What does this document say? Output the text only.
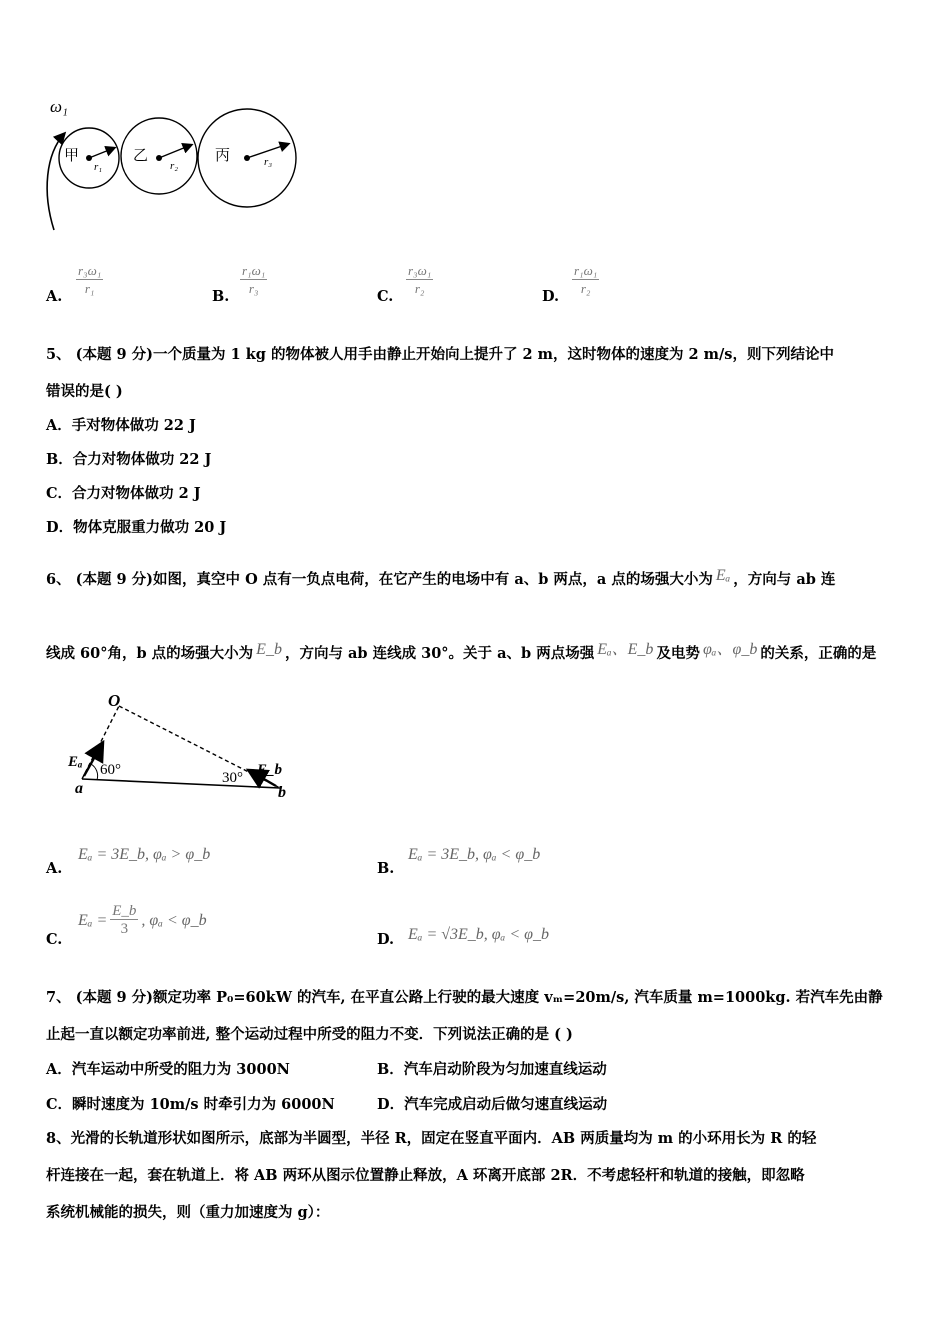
ω₁
甲	乙	丙
r₁	r₂	r₃
A. $\frac{\text{r₃ω₁}}{\text{r₁}}$	B. $\frac{\text{r₁ω₁}}{\text{r₃}}$	C. $\frac{\text{r₃ω₁}}{\text{r₂}}$	D. $\frac{\text{r₁ω₁}}{\text{r₂}}$
5、 (本题 9 分)一个质量为 1 kg 的物体被人用手由静止开始向上提升了 2 m，这时物体的速度为 2 m/s，则下列结论中
错误的是( )
A．手对物体做功 22 J
B．合力对物体做功 22 J
C．合力对物体做功 2 J
D．物体克服重力做功 20 J
6、 (本题 9 分)如图，真空中 O 点有一负点电荷，在它产生的电场中有 a、b 两点，a 点的场强大小为 Eₐ ，方向与 ab 连
线成 60°角，b 点的场强大小为 E_b ，方向与 ab 连线成 30°。关于 a、b 两点场强 Eₐ、E_b 及电势 φₐ、φ_b 的关系，正确的是
O
a	b
Eₐ	E_b
60°	30°
A.
Eₐ = 3E_b, φₐ > φ_b
B.
Eₐ = 3E_b, φₐ < φ_b
C.
$E_a = \frac{E\_b}{3}$ , φₐ < φ_b
D. Eₐ = √3E_b, φₐ < φ_b
7、 (本题 9 分)额定功率 P₀=60kW 的汽车, 在平直公路上行驶的最大速度 vₘ=20m/s, 汽车质量 m=1000kg. 若汽车先由静
止起一直以额定功率前进, 整个运动过程中所受的阻力不变．下列说法正确的是 ( )
A．汽车运动中所受的阻力为 3000N	B．汽车启动阶段为匀加速直线运动
C．瞬时速度为 10m/s 时牵引力为 6000N	D．汽车完成启动后做匀速直线运动
8、光滑的长轨道形状如图所示，底部为半圆型，半径 R，固定在竖直平面内．AB 两质量均为 m 的小环用长为 R 的轻
杆连接在一起，套在轨道上．将 AB 两环从图示位置静止释放，A 环离开底部 2R．不考虑轻杆和轨道的接触，即忽略
系统机械能的损失，则（重力加速度为 g）：
